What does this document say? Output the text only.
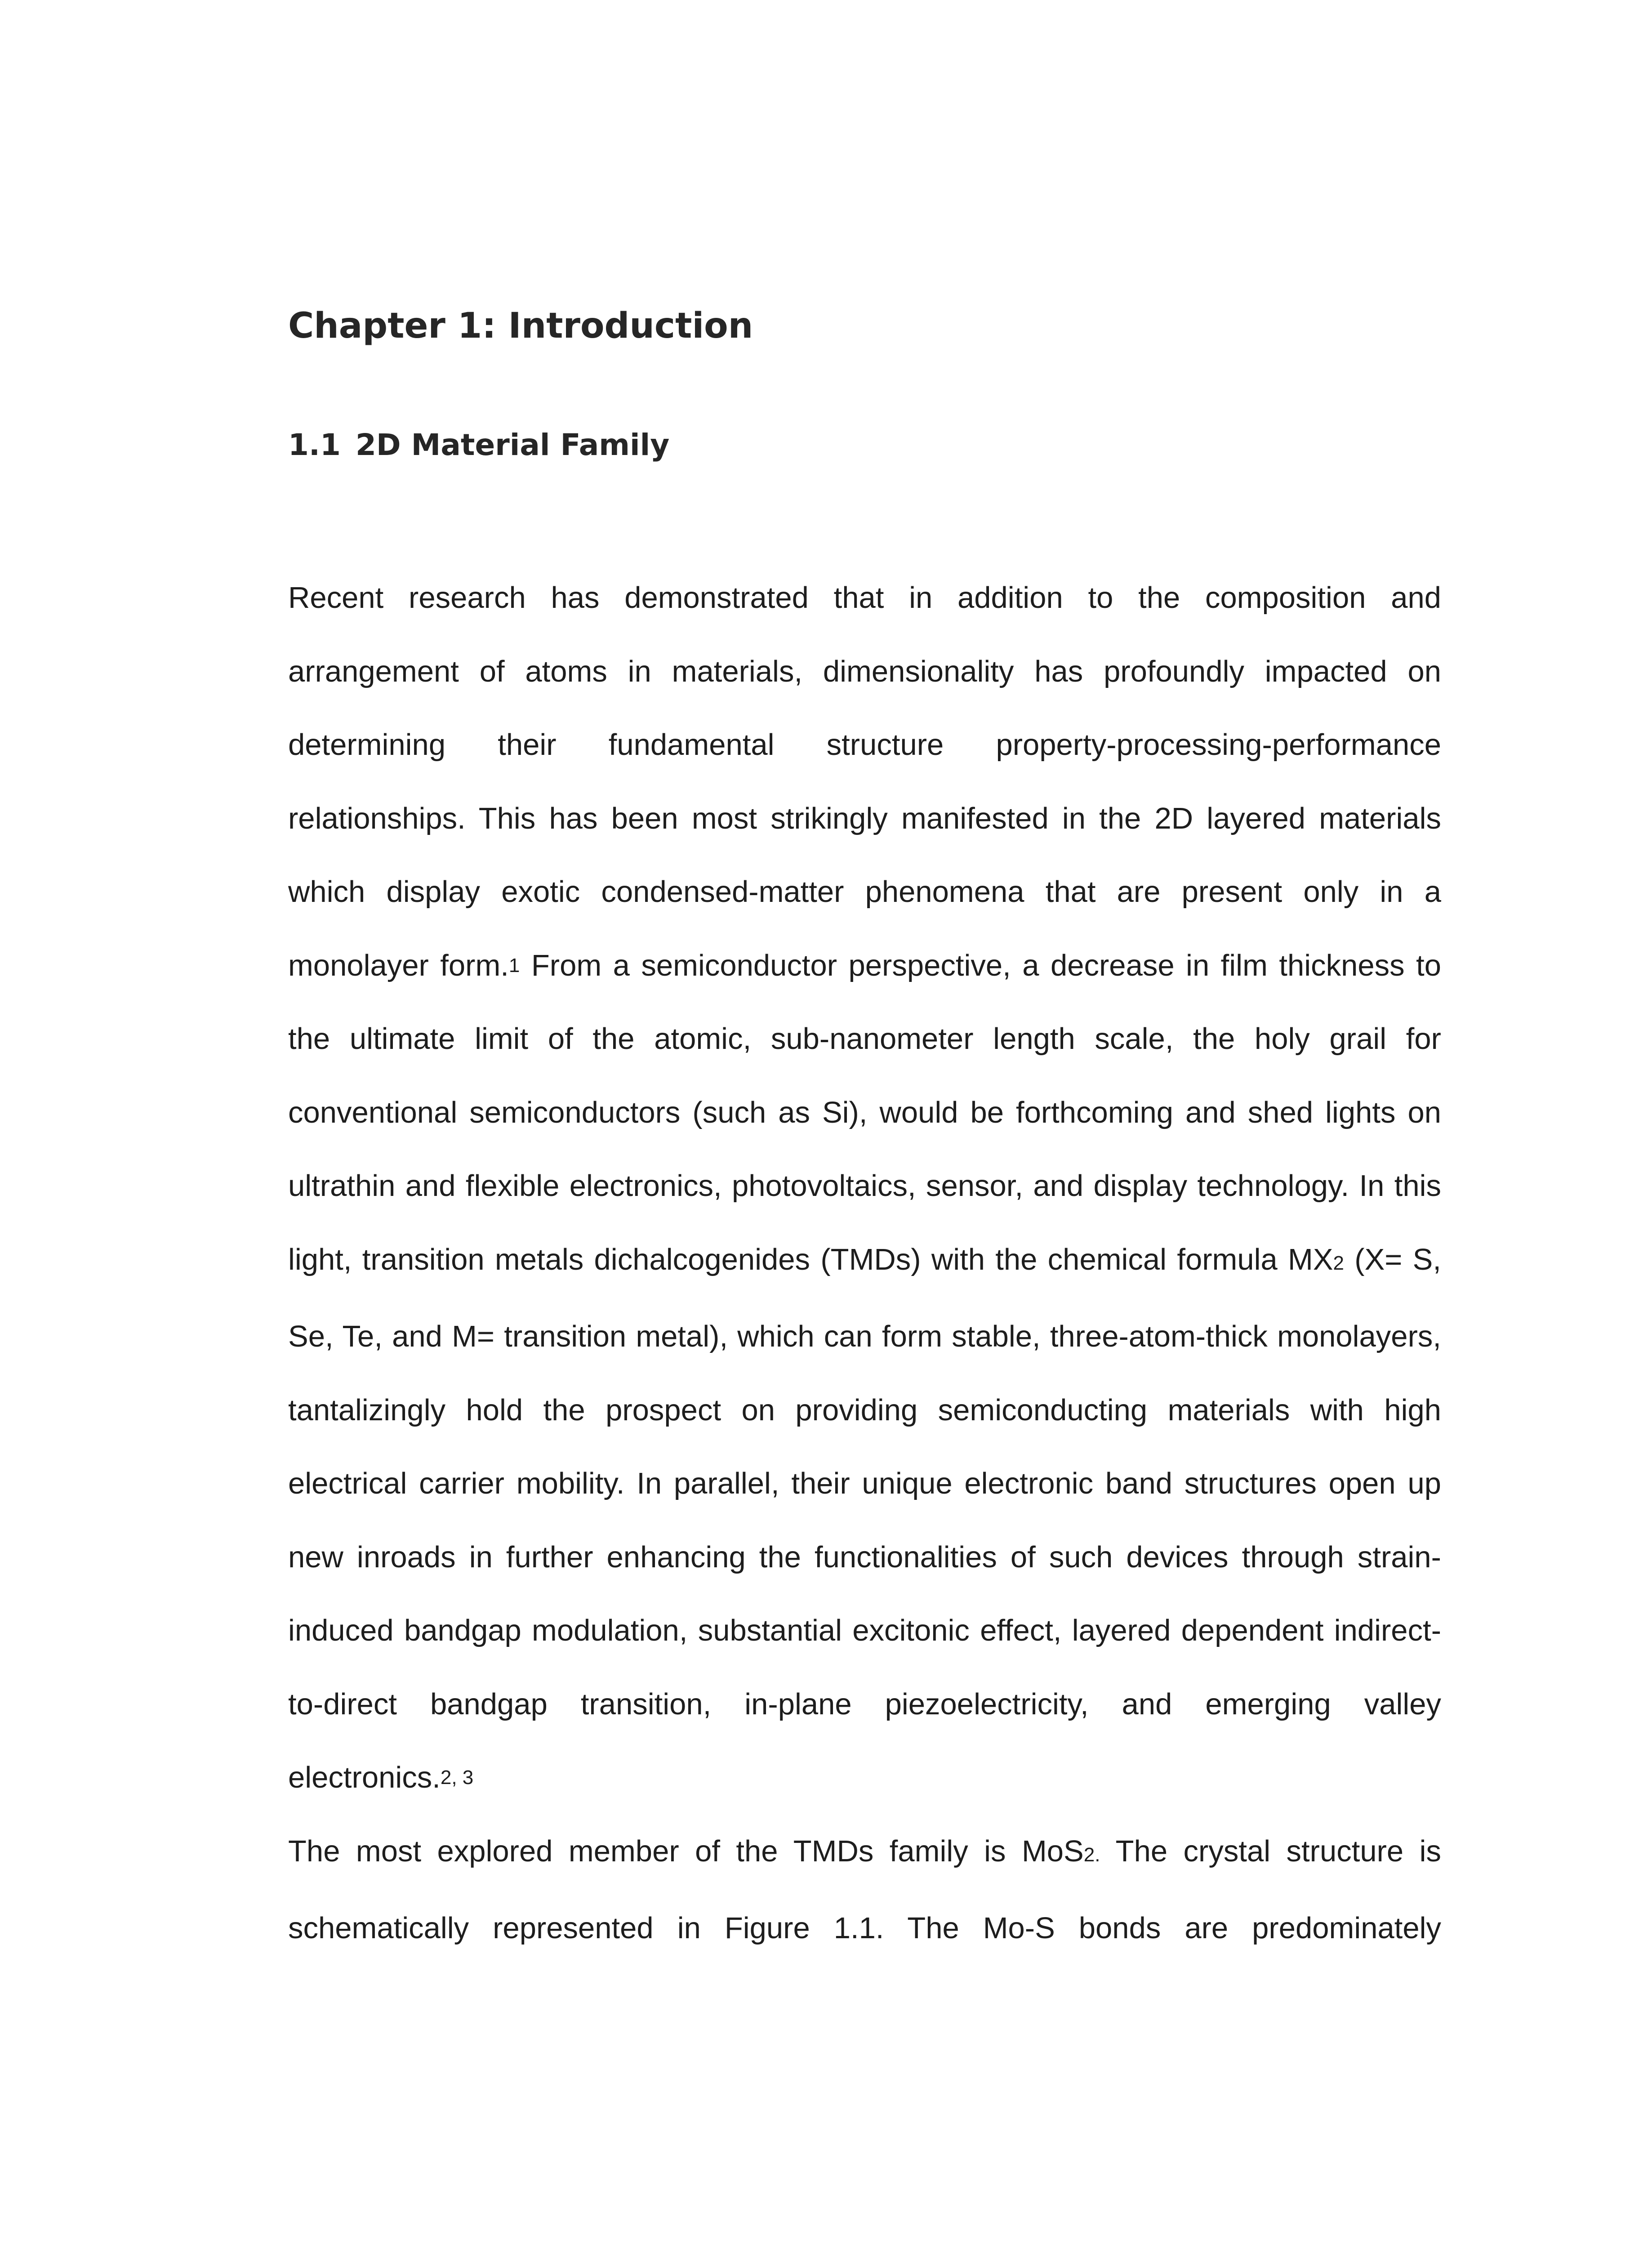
Chapter 1: Introduction
1.1 2D Material Family

Recent research has demonstrated that in addition to the composition and arrangement of atoms in materials, dimensionality has profoundly impacted on determining their fundamental structure property-processing-performance relationships. This has been most strikingly manifested in the 2D layered materials which display exotic condensed-matter phenomena that are present only in a monolayer form.$^1$ From a semiconductor perspective, a decrease in film thickness to the ultimate limit of the atomic, sub-nanometer length scale, the holy grail for conventional semiconductors (such as Si), would be forthcoming and shed lights on ultrathin and flexible electronics, photovoltaics, sensor, and display technology. In this light, transition metals dichalcogenides (TMDs) with the chemical formula MX2 (X= S, Se, Te, and M= transition metal), which can form stable, three-atom-thick monolayers, tantalizingly hold the prospect on providing semiconducting materials with high electrical carrier mobility. In parallel, their unique electronic band structures open up new inroads in further enhancing the functionalities of such devices through strain-induced bandgap modulation, substantial excitonic effect, layered dependent indirect-to-direct bandgap transition, in-plane piezoelectricity, and emerging valley electronics.$^{2, 3}$

The most explored member of the TMDs family is MoS2. The crystal structure is schematically represented in Figure 1.1. The Mo-S bonds are predominately
